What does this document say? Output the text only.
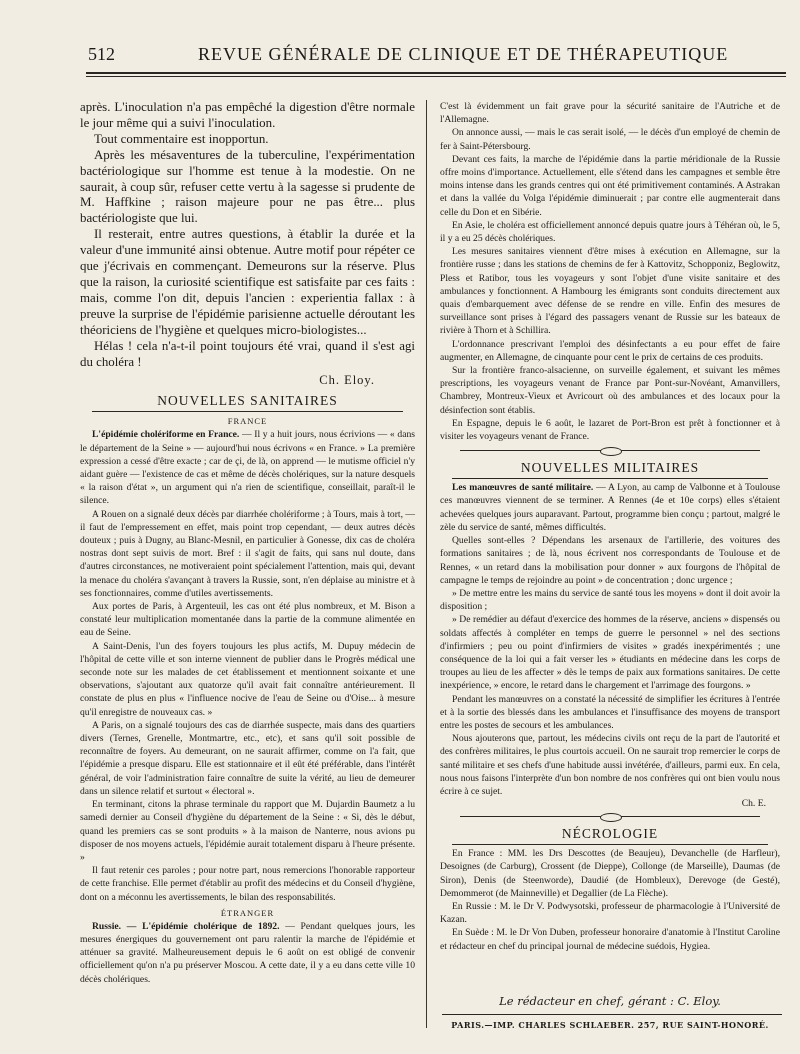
512	REVUE GÉNÉRALE DE CLINIQUE ET DE THÉRAPEUTIQUE

après. L'inoculation n'a pas empêché la digestion d'être normale le jour même qui a suivi l'inoculation.

Tout commentaire est inopportun.

Après les mésaventures de la tuberculine, l'expérimentation bactériologique sur l'homme est tenue à la modestie. On ne saurait, à coup sûr, refuser cette vertu à la sagesse si prudente de M. Haffkine ; raison majeure pour ne pas être... plus bactériologiste que lui.

Il resterait, entre autres questions, à établir la durée et la valeur d'une immunité ainsi obtenue. Autre motif pour répéter ce que j'écrivais en commençant. Demeurons sur la réserve. Plus que la raison, la curiosité scientifique est satisfaite par ces faits : mais, comme l'on dit, depuis l'ancien : experientia fallax : à preuve la surprise de l'épidémie parisienne actuelle déroutant les théoriciens de l'hygiène et quelques micro-biologistes...

Hélas ! cela n'a-t-il point toujours été vrai, quand il s'est agi du choléra !

Ch. Eloy.
NOUVELLES SANITAIRES
FRANCE

L'épidémie cholériforme en France. — Il y a huit jours, nous écrivions — « dans le département de la Seine » — aujourd'hui nous écrivons « en France. » La première expression a cessé d'être exacte ; car de çi, de là, on apprend — le mutisme officiel n'y aidant guère — l'existence de cas et même de décès cholériques, sur la nature desquels « la raison d'état », un argument qui n'a rien de scientifique, conseillait, paraît-il le silence.

A Rouen on a signalé deux décès par diarrhée cholériforme ; à Tours, mais à tort, — il faut de l'empressement en effet, mais point trop cependant, — deux autres décès douteux ; puis à Dugny, au Blanc-Mesnil, en particulier à Gonesse, dix cas de choléra nostras dont sept suivis de mort. Bref : il s'agit de faits, qui sans nul doute, dans d'autres circonstances, ne motiveraient point spécialement l'attention, mais qui, devant la menace du choléra s'avançant à travers la Russie, sont, n'en déplaise au ministre et à ses fonctionnaires, comme d'utiles avertissements.

Aux portes de Paris, à Argenteuil, les cas ont été plus nombreux, et M. Bison a constaté leur multiplication momentanée dans la partie de la commune alimentée en eau de Seine.

A Saint-Denis, l'un des foyers toujours les plus actifs, M. Dupuy médecin de l'hôpital de cette ville et son interne viennent de publier dans le Progrès médical une seconde note sur les malades de cet établissement et mentionnent soixante et une observations, s'ajoutant aux quatorze qu'il avait fait connaître antérieurement. Il constate de plus en plus « l'influence nocive de l'eau de Seine ou d'Oise... à mesure qu'il enregistre de nouveaux cas. »

A Paris, on a signalé toujours des cas de diarrhée suspecte, mais dans des quartiers divers (Ternes, Grenelle, Montmartre, etc., etc), et sans qu'il soit possible de reconnaître de foyers. Au demeurant, on ne saurait affirmer, comme on l'a fait, que l'épidémie a presque disparu. Elle est stationnaire et il eût été préférable, dans l'intérêt général, de voir l'administration faire connaître de suite la vérité, au lieu de demeurer dans un silence relatif et surtout « électoral ».

En terminant, citons la phrase terminale du rapport que M. Dujardin Baumetz a lu samedi dernier au Conseil d'hygiène du département de la Seine : « Si, dès le début, quand les premiers cas se sont produits » à la maison de Nanterre, nous avions pu disposer de nos moyens actuels, l'épidémie aurait totalement disparu à l'heure présente. »

Il faut retenir ces paroles ; pour notre part, nous remercions l'honorable rapporteur de cette franchise. Elle permet d'établir au profit des médecins et du Conseil d'hygiène, dont on a méconnu les avertissements, le bilan des responsabilités.

ÉTRANGER

Russie. — L'épidémie cholérique de 1892. — Pendant quelques jours, les mesures énergiques du gouvernement ont paru ralentir la marche de l'épidémie et atténuer sa gravité. Malheureusement depuis le 6 août on est obligé de convenir officiellement qu'on n'a pu préserver Moscou. A cette date, il y a eu dans cette ville 10 décès cholériques.

C'est là évidemment un fait grave pour la sécurité sanitaire de l'Autriche et de l'Allemagne.

On annonce aussi, — mais le cas serait isolé, — le décès d'un employé de chemin de fer à Saint-Pétersbourg.

Devant ces faits, la marche de l'épidémie dans la partie méridionale de la Russie offre moins d'importance. Actuellement, elle s'étend dans les campagnes et semble être moins intense dans les grands centres qui ont été primitivement contaminés. A Astrakan et dans la vallée du Volga l'épidémie diminuerait ; par contre elle augmenterait dans celle du Don et en Sibérie.

En Asie, le choléra est officiellement annoncé depuis quatre jours à Téhéran où, le 5, il y a eu 25 décès cholériques.

Les mesures sanitaires viennent d'être mises à exécution en Allemagne, sur la frontière russe ; dans les stations de chemins de fer à Kattovitz, Schopponiz, Beglowitz, Pless et Ratibor, tous les voyageurs y sont l'objet d'une visite sanitaire et des ambulances y fonctionnent. A Hambourg les émigrants sont conduits directement aux quais d'embarquement avec défense de se rendre en ville. Enfin des mesures de surveillance sont prises à l'égard des passagers venant de Russie sur les bateaux de rivière à Thorn et à Schillira.

L'ordonnance prescrivant l'emploi des désinfectants a eu pour effet de faire augmenter, en Allemagne, de cinquante pour cent le prix de certains de ces produits.

Sur la frontière franco-alsacienne, on surveille également, et suivant les mêmes prescriptions, les voyageurs venant de France par Pont-sur-Novéant, Amanvillers, Chambrey, Montreux-Vieux et Avricourt où des ambulances et des locaux pour la désinfection sont établis.

En Espagne, depuis le 6 août, le lazaret de Port-Bron est prêt à fonctionner et à visiter les voyageurs venant de France.

NOUVELLES MILITAIRES

Les manœuvres de santé militaire. — A Lyon, au camp de Valbonne et à Toulouse ces manœuvres viennent de se terminer. A Rennes (4e et 10e corps) elles s'étaient achevées quelques jours auparavant. Partout, programme bien conçu ; partout, malgré le zèle du service de santé, mêmes difficultés.

Quelles sont-elles ? Dépendans les arsenaux de l'artillerie, des voitures des formations sanitaires ; de là, nous écrivent nos correspondants de Toulouse et de Rennes, « un retard dans la mobilisation pour donner » aux fourgons de l'hôpital de campagne le temps de rejoindre au point » de concentration ; donc urgence ;

» De mettre entre les mains du service de santé tous les moyens » dont il doit avoir la disposition ;

» De remédier au défaut d'exercice des hommes de la réserve, anciens » dispensés ou soldats affectés à compléter en temps de guerre le personnel » nel des sections d'infirmiers ; peu ou point d'infirmiers de visites » gradés inexpérimentés ; une conséquence de la loi qui a fait verser les » étudiants en médecine dans les corps de troupes au lieu de les affecter » dès le temps de paix aux formations sanitaires. De cette inexpérience, » encore, le retard dans le chargement et l'arrimage des fourgons. »

Pendant les manœuvres on a constaté la nécessité de simplifier les écritures à l'entrée et à la sortie des blessés dans les ambulances et l'insuffisance des moyens de transport entre les postes de secours et les ambulances.

Nous ajouterons que, partout, les médecins civils ont reçu de la part de l'autorité et des confrères militaires, le plus courtois accueil. On ne saurait trop remercier le corps de santé militaire et ses chefs d'une habitude aussi invétérée, d'ailleurs, parmi eux. En cela, nous nous faisons l'interprète d'un bon nombre de nos confrères qui ont bien voulu nous écrire à ce sujet.

Ch. E.
NÉCROLOGIE

En France : MM. les Drs Descottes (de Beaujeu), Devanchelle (de Harfleur), Desoignes (de Carburg), Crossent (de Dieppe), Collonge (de Marseille), Daumas (de Siron), Denis (de Steenworde), Daudié (de Hombleux), Derevoge (de Gesté), Demommerot (de Mainneville) et Degallier (de La Flèche).

En Russie : M. le Dr V. Podwysotski, professeur de pharmacologie à l'Université de Kazan.

En Suède : M. le Dr Von Duben, professeur honoraire d'anatomie à l'Institut Caroline et rédacteur en chef du principal journal de médecine suédois, Hygiea.

Le rédacteur en chef, gérant : C. Eloy.
PARIS.—IMP. CHARLES SCHLAEBER. 257, RUE SAINT-HONORÉ.
